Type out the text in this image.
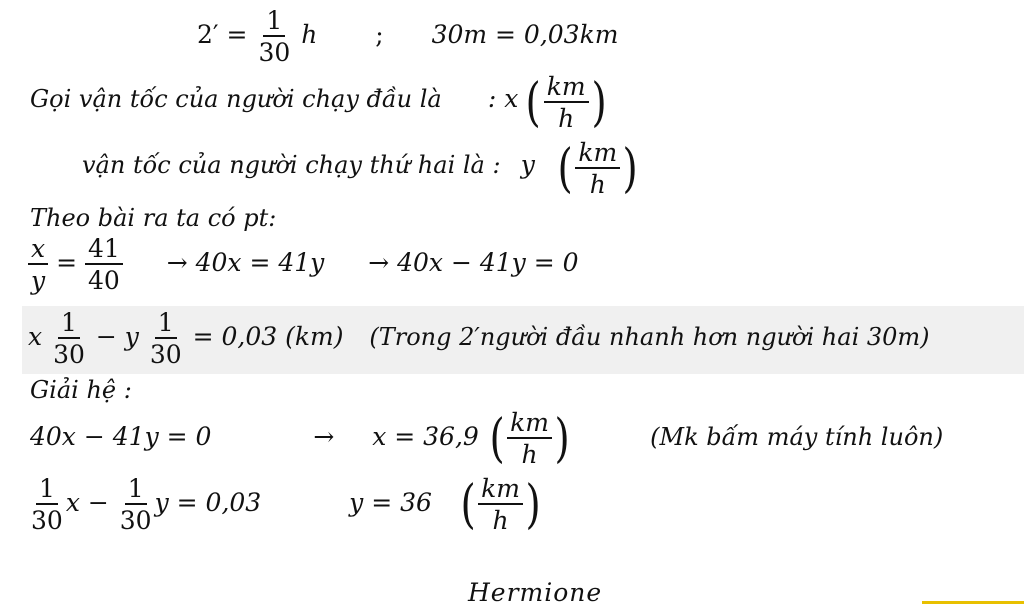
$2' = \frac{1}{30}$ h ; 30m = 0,03km
Gọi vận tốc của người chạy đầu là : x ( $\frac{km}{h}$ )
vận tốc của người chạy thứ hai là : y ( $\frac{km}{h}$ )
Theo bài ra ta có pt:
$\frac{x}{y} = \frac{41}{40} \to 40x = 41y \to 40x - 41y = 0$
x $\frac{1}{30} - y \frac{1}{30} = 0,03$ (km) (Trong 2′người đầu nhanh hơn người hai 30m)
Giải hệ :
40x − 41y = 0	→ x = 36,9 ( $\frac{km}{h}$ )	(Mk bấm máy tính luôn)
$\frac{1}{30}$ $x - \frac{1}{30}$ y = 0,03	y = 36 ( $\frac{km}{h}$ )
Hermione
